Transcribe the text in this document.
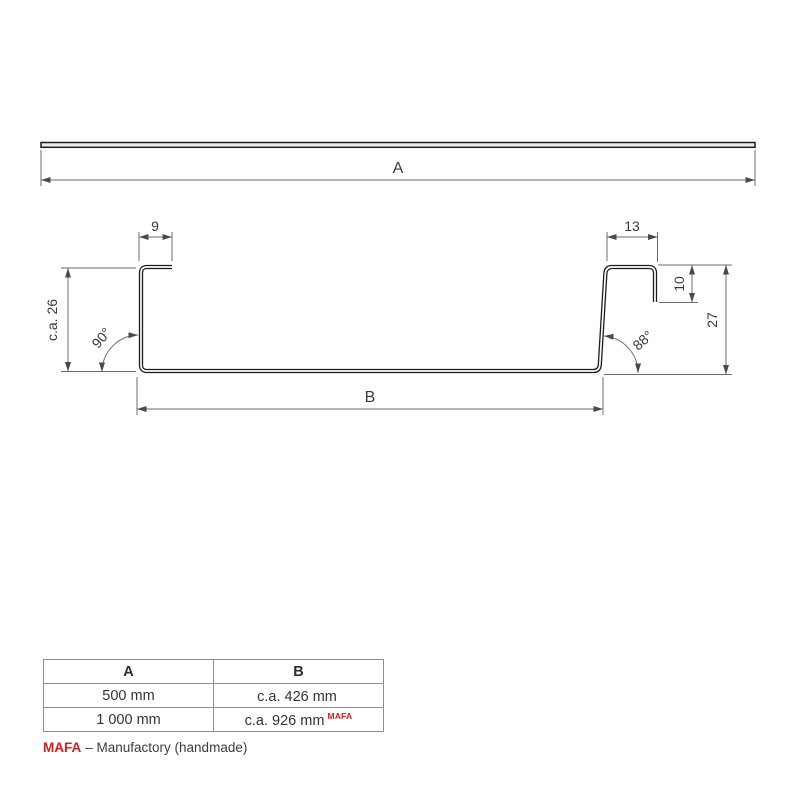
A
9	13
c.a. 26
10
27
B
90°	88°
A	B
500 mm	c.a. 426 mm
1 000 mm	c.a. 926 mm $^{MAFA}$
MAFA – Manufactory (handmade)
